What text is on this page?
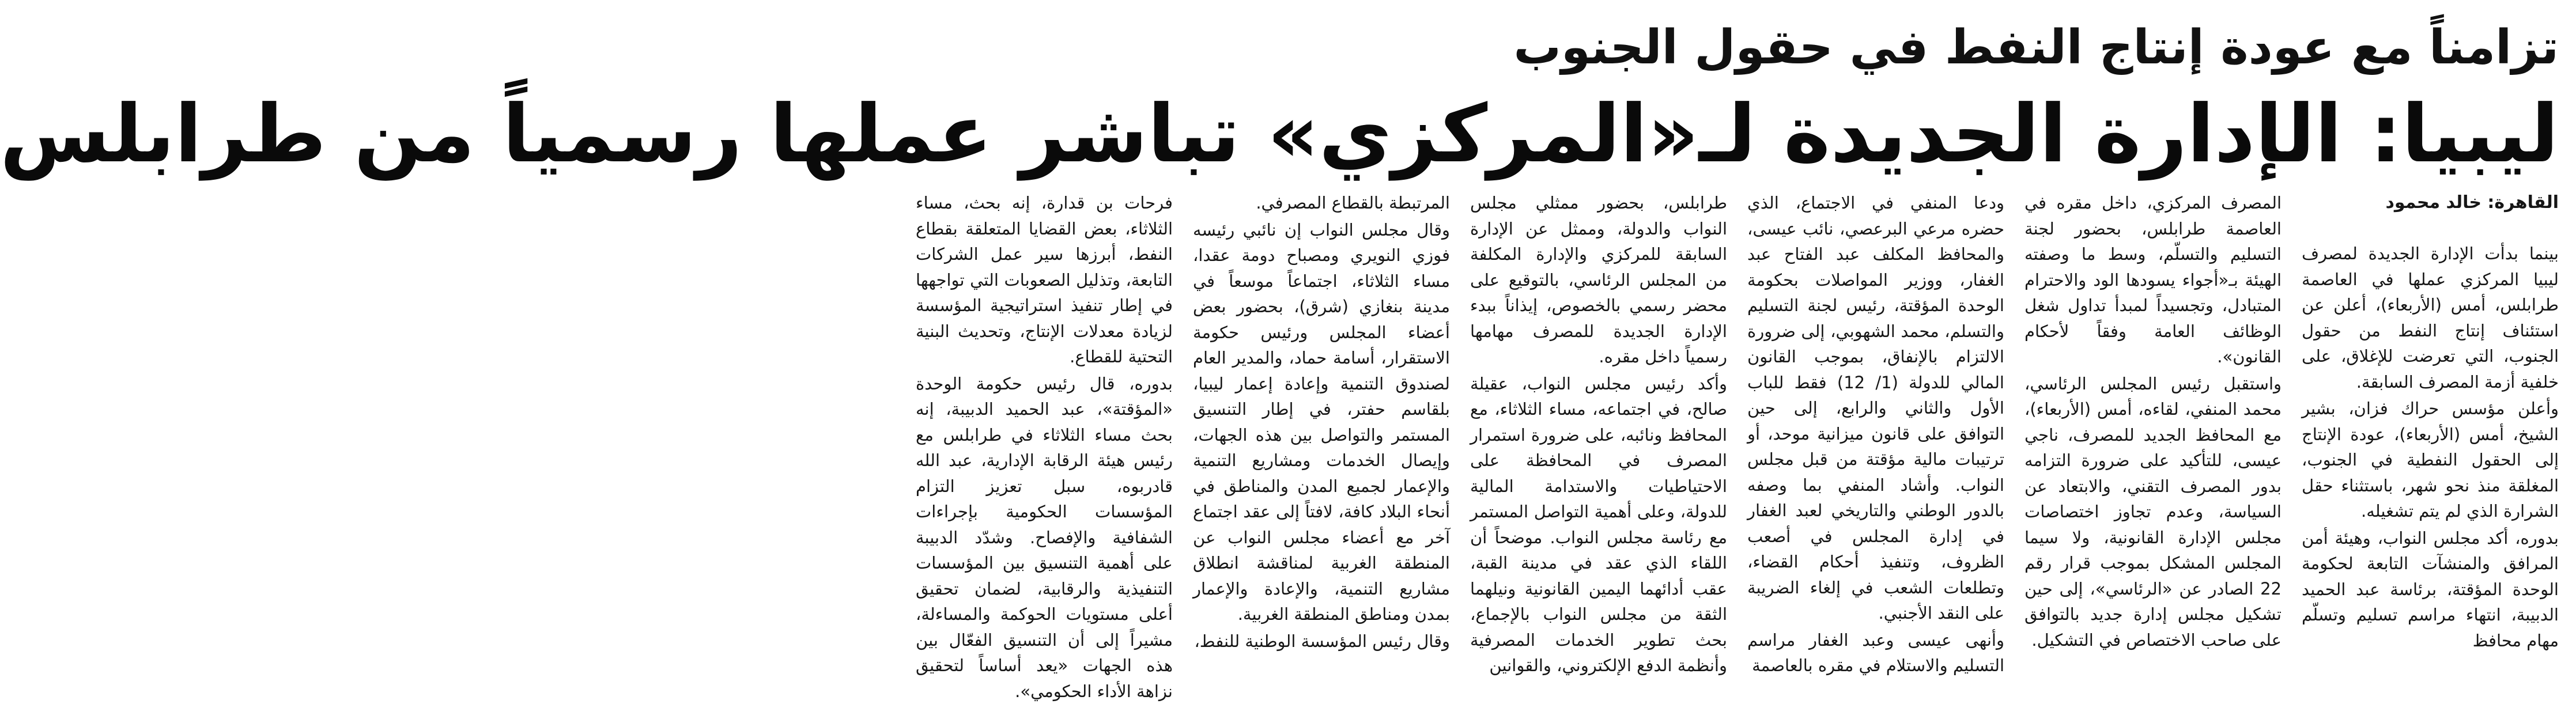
تزامناً مع عودة إنتاج النفط في حقول الجنوب
ليبيا: الإدارة الجديدة لـ«المركزي» تباشر عملها رسمياً من طرابلس

القاهرة: خالد محمود

بينما بدأت الإدارة الجديدة لمصرف ليبيا المركزي عملها في العاصمة طرابلس، أمس (الأربعاء)، أعلن عن استئناف إنتاج النفط من حقول الجنوب، التي تعرضت للإغلاق، على خلفية أزمة المصرف السابقة.

وأعلن مؤسس حراك فزان، بشير الشيخ، أمس (الأربعاء)، عودة الإنتاج إلى الحقول النفطية في الجنوب، المغلقة منذ نحو شهر، باستثناء حقل الشرارة الذي لم يتم تشغيله.

بدوره، أكد مجلس النواب، وهيئة أمن المرافق والمنشآت التابعة لحكومة الوحدة المؤقتة، برئاسة عبد الحميد الدبيبة، انتهاء مراسم تسليم وتسلّم مهام محافظ

المصرف المركزي، داخل مقره في العاصمة طرابلس، بحضور لجنة التسليم والتسلّم، وسط ما وصفته الهيئة بـ«أجواء يسودها الود والاحترام المتبادل، وتجسيداً لمبدأ تداول شغل الوظائف العامة وفقاً لأحكام القانون».

واستقبل رئيس المجلس الرئاسي، محمد المنفي، لقاءه، أمس (الأربعاء)، مع المحافظ الجديد للمصرف، ناجي عيسى، للتأكيد على ضرورة التزامه بدور المصرف التقني، والابتعاد عن السياسة، وعدم تجاوز اختصاصات مجلس الإدارة القانونية، ولا سيما المجلس المشكل بموجب قرار رقم 22 الصادر عن «الرئاسي»، إلى حين تشكيل مجلس إدارة جديد بالتوافق على صاحب الاختصاص في التشكيل.

ودعا المنفي في الاجتماع، الذي حضره مرعي البرعصي، نائب عيسى، والمحافظ المكلف عبد الفتاح عبد الغفار، ووزير المواصلات بحكومة الوحدة المؤقتة، رئيس لجنة التسليم والتسلم، محمد الشهوبي، إلى ضرورة الالتزام بالإنفاق، بموجب القانون المالي للدولة (1/ 12) فقط للباب الأول والثاني والرابع، إلى حين التوافق على قانون ميزانية موحد، أو ترتيبات مالية مؤقتة من قبل مجلس النواب. وأشاد المنفي بما وصفه بالدور الوطني والتاريخي لعبد الغفار في إدارة المجلس في أصعب الظروف، وتنفيذ أحكام القضاء، وتطلعات الشعب في إلغاء الضريبة على النقد الأجنبي.

وأنهى عيسى وعبد الغفار مراسم التسليم والاستلام في مقره بالعاصمة

طرابلس، بحضور ممثلي مجلس النواب والدولة، وممثل عن الإدارة السابقة للمركزي والإدارة المكلفة من المجلس الرئاسي، بالتوقيع على محضر رسمي بالخصوص، إيذاناً ببدء الإدارة الجديدة للمصرف مهامها رسمياً داخل مقره.

وأكد رئيس مجلس النواب، عقيلة صالح، في اجتماعه، مساء الثلاثاء، مع المحافظ ونائبه، على ضرورة استمرار المصرف في المحافظة على الاحتياطيات والاستدامة المالية للدولة، وعلى أهمية التواصل المستمر مع رئاسة مجلس النواب. موضحاً أن اللقاء الذي عقد في مدينة القبة، عقب أدائهما اليمين القانونية ونيلهما الثقة من مجلس النواب بالإجماع، بحث تطوير الخدمات المصرفية وأنظمة الدفع الإلكتروني، والقوانين

المرتبطة بالقطاع المصرفي.

وقال مجلس النواب إن نائبي رئيسه فوزي النويري ومصباح دومة عقدا، مساء الثلاثاء، اجتماعاً موسعاً في مدينة بنغازي (شرق)، بحضور بعض أعضاء المجلس ورئيس حكومة الاستقرار، أسامة حماد، والمدير العام لصندوق التنمية وإعادة إعمار ليبيا، بلقاسم حفتر، في إطار التنسيق المستمر والتواصل بين هذه الجهات، وإيصال الخدمات ومشاريع التنمية والإعمار لجميع المدن والمناطق في أنحاء البلاد كافة، لافتاً إلى عقد اجتماع آخر مع أعضاء مجلس النواب عن المنطقة الغربية لمناقشة انطلاق مشاريع التنمية، والإعادة والإعمار بمدن ومناطق المنطقة الغربية.

وقال رئيس المؤسسة الوطنية للنفط،

فرحات بن قدارة، إنه بحث، مساء الثلاثاء، بعض القضايا المتعلقة بقطاع النفط، أبرزها سير عمل الشركات التابعة، وتذليل الصعوبات التي تواجهها في إطار تنفيذ استراتيجية المؤسسة لزيادة معدلات الإنتاج، وتحديث البنية التحتية للقطاع.

بدوره، قال رئيس حكومة الوحدة «المؤقتة»، عبد الحميد الدبيبة، إنه بحث مساء الثلاثاء في طرابلس مع رئيس هيئة الرقابة الإدارية، عبد الله قادربوه، سبل تعزيز التزام المؤسسات الحكومية بإجراءات الشفافية والإفصاح. وشدّد الدبيبة على أهمية التنسيق بين المؤسسات التنفيذية والرقابية، لضمان تحقيق أعلى مستويات الحوكمة والمساءلة، مشيراً إلى أن التنسيق الفعّال بين هذه الجهات «يعد أساساً لتحقيق نزاهة الأداء الحكومي».
